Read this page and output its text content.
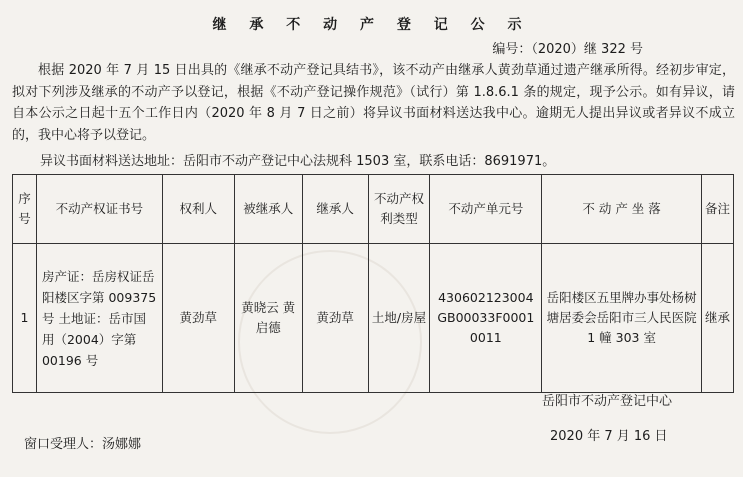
继 承 不 动 产 登 记 公 示
编号：（2020）继 322 号
根据 2020 年 7 月 15 日出具的《继承不动产登记具结书》，该不动产由继承人黄劲草通过遗产继承所得。经初步审定， 拟对下列涉及继承的不动产予以登记，根据《不动产登记操作规范》（试行）第 1.8.6.1 条的规定，现予公示。如有异议，请自本公示之日起十五个工作日内（2020 年 8 月 7 日之前）将异议书面材料送达我中心。逾期无人提出异议或者异议不成立的，我中心将予以登记。
异议书面材料送达地址：岳阳市不动产登记中心法规科 1503 室，联系电话：8691971。
序号	不动产权证书号	权利人	被继承人	继承人	不动产权利类型	不动产单元号	不 动 产 坐 落	备注
1	房产证：岳房权证岳阳楼区字第 009375 号 土地证：岳市国用（2004）字第 00196 号	黄劲草	黄晓云 黄启德	黄劲草	土地/房屋	430602123004GB00033F00010011	岳阳楼区五里牌办事处杨树塘居委会岳阳市三人民医院 1 幢 303 室	继承
岳阳市不动产登记中心
2020 年 7 月 16 日
窗口受理人：汤娜娜
